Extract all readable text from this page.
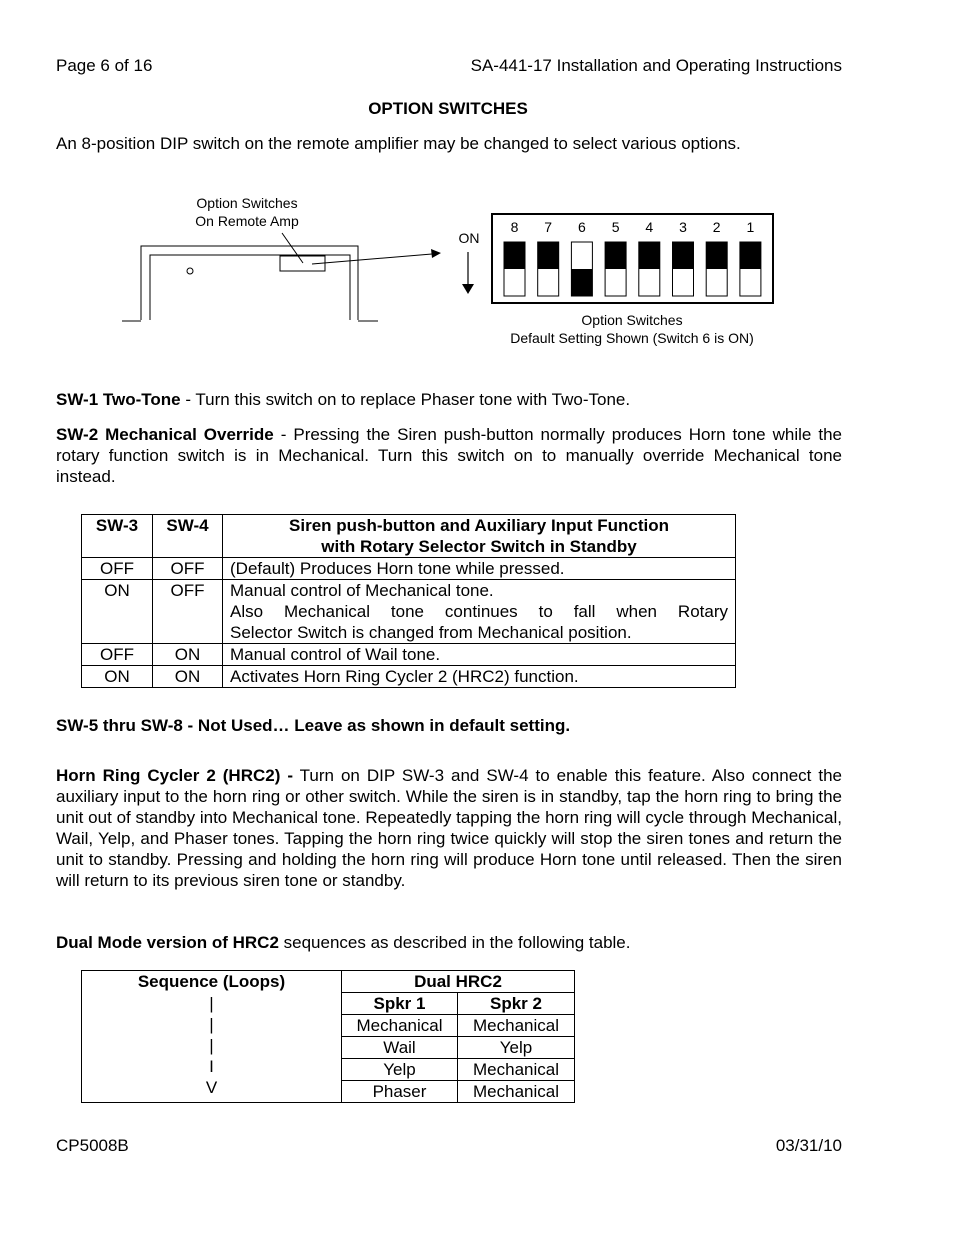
Page 6 of 16	SA-441-17 Installation and Operating Instructions
OPTION SWITCHES

An 8-position DIP switch on the remote amplifier may be changed to select various options.

Option Switches
On Remote Amp
ON
8 7 6 5 4 3 2 1
Option Switches
Default Setting Shown (Switch 6 is ON)

SW-1 Two-Tone - Turn this switch on to replace Phaser tone with Two-Tone.

SW-2 Mechanical Override - Pressing the Siren push-button normally produces Horn tone while the rotary function switch is in Mechanical. Turn this switch on to manually override Mechanical tone instead.

SW-3	SW-4	Siren push-button and Auxiliary Input Function
with Rotary Selector Switch in Standby

OFF	OFF	(Default) Produces Horn tone while pressed.
ON	OFF	Manual control of Mechanical tone.
Also Mechanical tone continues to fall when Rotary
Selector Switch is changed from Mechanical position.

OFF	ON	Manual control of Wail tone.
ON	ON	Activates Horn Ring Cycler 2 (HRC2) function.

SW-5 thru SW-8 - Not Used… Leave as shown in default setting.

Horn Ring Cycler 2 (HRC2) - Turn on DIP SW-3 and SW-4 to enable this feature. Also connect the auxiliary input to the horn ring or other switch. While the siren is in standby, tap the horn ring to bring the unit out of standby into Mechanical tone. Repeatedly tapping the horn ring will cycle through Mechanical, Wail, Yelp, and Phaser tones. Tapping the horn ring twice quickly will stop the siren tones and return the unit to standby. Pressing and holding the horn ring will produce Horn tone until released. Then the siren will return to its previous siren tone or standby.

Dual Mode version of HRC2 sequences as described in the following table.

Sequence (Loops)	Dual HRC2	

|
|
|
I
V	Spkr 1	Spkr 2
	Mechanical	Mechanical
	Wail	Yelp
	Yelp	Mechanical
	Phaser	Mechanical
CP5008B	03/31/10
